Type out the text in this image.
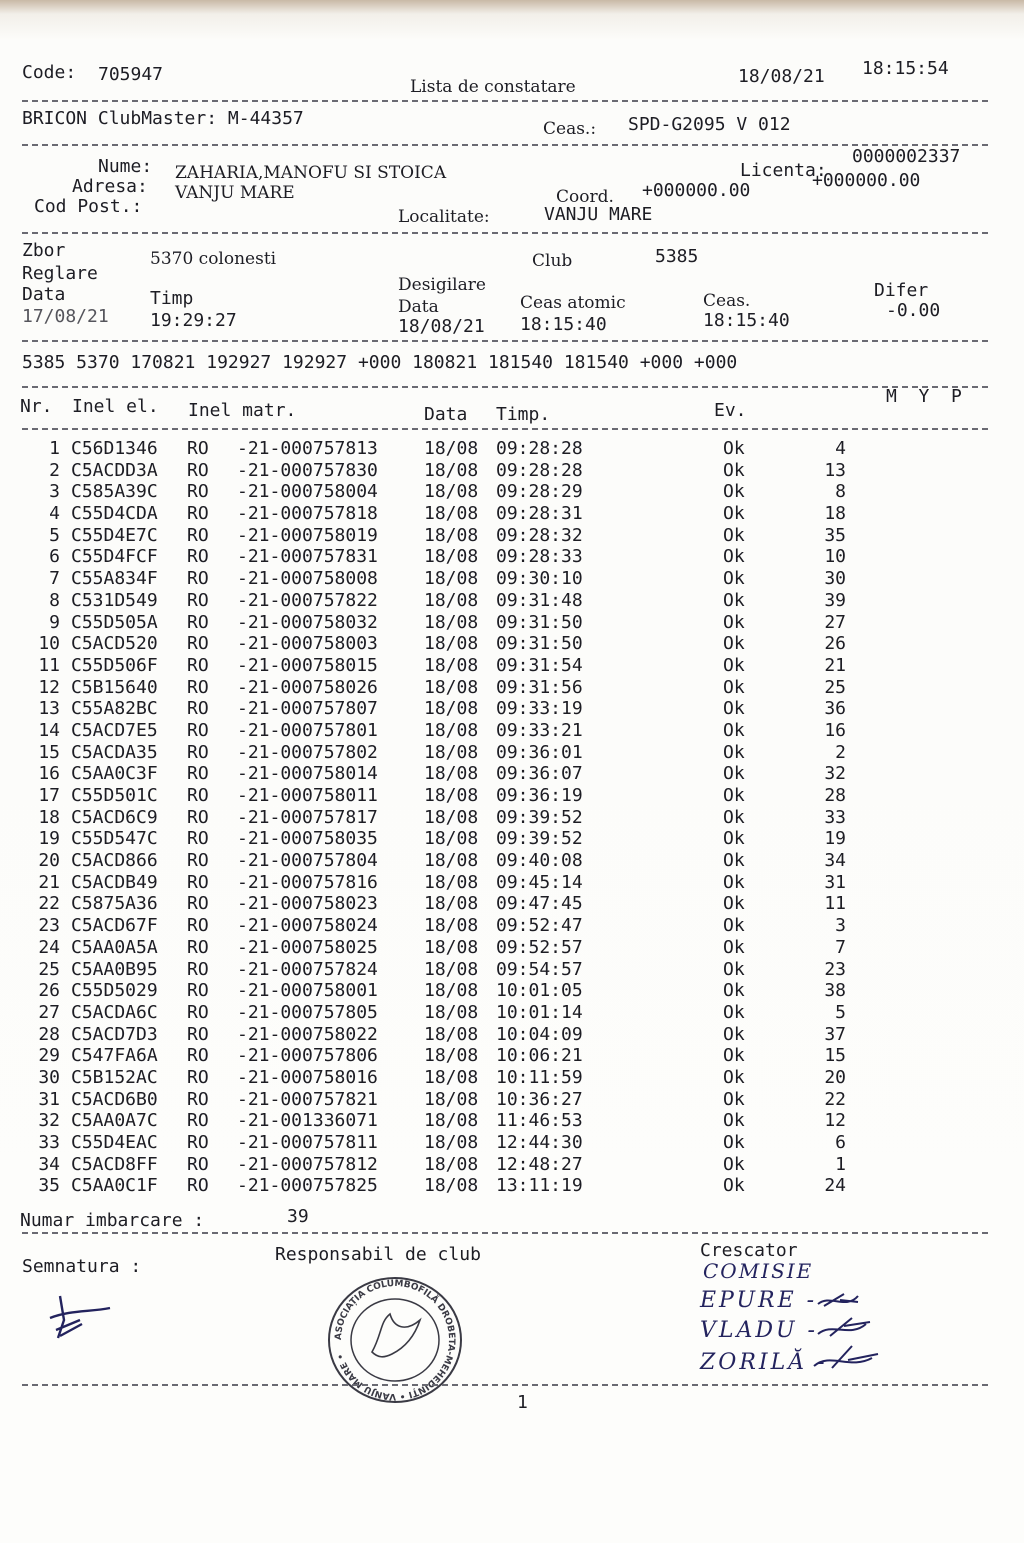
Code: 705947
Lista de constatare	18/08/21 18:15:54
BRICON ClubMaster: M-44357	Ceas.: SPD-G2095 V 012
Nume: ZAHARIA,MANOFU SI STOICA	Licenta:
0000002337
Adresa: VANJU MARE	Coord. +000000.00	+000000.00
Cod Post.:	Localitate:	VANJU MARE
Zbor	5370 colonesti	Club	5385
Reglare
Desigilare
Data	Timp	Data	Ceas atomic	Ceas.	Difer
17/08/21 19:29:27	18/08/21 18:15:40	18:15:40	-0.00
5385 5370 170821 192927 192927 +000 180821 181540 181540 +000 +000
Nr. Inel el. Inel matr.	Data Timp.	Ev.
M  Y  P
1 C56D1346 RO -21-000757813	18/08 09:28:28	Ok	4
2 C5ACDD3A RO -21-000757830	18/08 09:28:28	Ok	13
3 C585A39C RO -21-000758004	18/08 09:28:29	Ok	8
4 C55D4CDA RO -21-000757818	18/08 09:28:31	Ok	18
5 C55D4E7C RO -21-000758019	18/08 09:28:32	Ok	35
6 C55D4FCF RO -21-000757831	18/08 09:28:33	Ok	10
7 C55A834F RO -21-000758008	18/08 09:30:10	Ok	30
8 C531D549 RO -21-000757822	18/08 09:31:48	Ok	39
9 C55D505A RO -21-000758032	18/08 09:31:50	Ok	27
10 C5ACD520 RO -21-000758003	18/08 09:31:50	Ok	26
11 C55D506F RO -21-000758015	18/08 09:31:54	Ok	21
12 C5B15640 RO -21-000758026	18/08 09:31:56	Ok	25
13 C55A82BC RO -21-000757807	18/08 09:33:19	Ok	36
14 C5ACD7E5 RO -21-000757801	18/08 09:33:21	Ok	16
15 C5ACDA35 RO -21-000757802	18/08 09:36:01	Ok	2
16 C5AA0C3F RO -21-000758014	18/08 09:36:07	Ok	32
17 C55D501C RO -21-000758011	18/08 09:36:19	Ok	28
18 C5ACD6C9 RO -21-000757817	18/08 09:39:52	Ok	33
19 C55D547C RO -21-000758035	18/08 09:39:52	Ok	19
20 C5ACD866 RO -21-000757804	18/08 09:40:08	Ok	34
21 C5ACDB49 RO -21-000757816	18/08 09:45:14	Ok	31
22 C5875A36 RO -21-000758023	18/08 09:47:45	Ok	11
23 C5ACD67F RO -21-000758024	18/08 09:52:47	Ok	3
24 C5AA0A5A RO -21-000758025	18/08 09:52:57	Ok	7
25 C5AA0B95 RO -21-000757824	18/08 09:54:57	Ok	23
26 C55D5029 RO -21-000758001	18/08 10:01:05	Ok	38
27 C5ACDA6C RO -21-000757805	18/08 10:01:14	Ok	5
28 C5ACD7D3 RO -21-000758022	18/08 10:04:09	Ok	37
29 C547FA6A RO -21-000757806	18/08 10:06:21	Ok	15
30 C5B152AC RO -21-000758016	18/08 10:11:59	Ok	20
31 C5ACD6B0 RO -21-000757821	18/08 10:36:27	Ok	22
32 C5AA0A7C RO -21-001336071	18/08 11:46:53	Ok	12
33 C55D4EAC RO -21-000757811	18/08 12:44:30	Ok	6
34 C5ACD8FF RO -21-000757812	18/08 12:48:27	Ok	1
35 C5AA0C1F RO -21-000757825	18/08 13:11:19	Ok	24
Numar imbarcare :	39
Semnatura :
Responsabil de club	Crescator
COMISIE
EPURE -
VLADU -
ZORILĂ -
ASOCIAȚIA COLUMBOFILĂ DROBETA-MEHEDINȚI • VÂNJU MARE •
1
